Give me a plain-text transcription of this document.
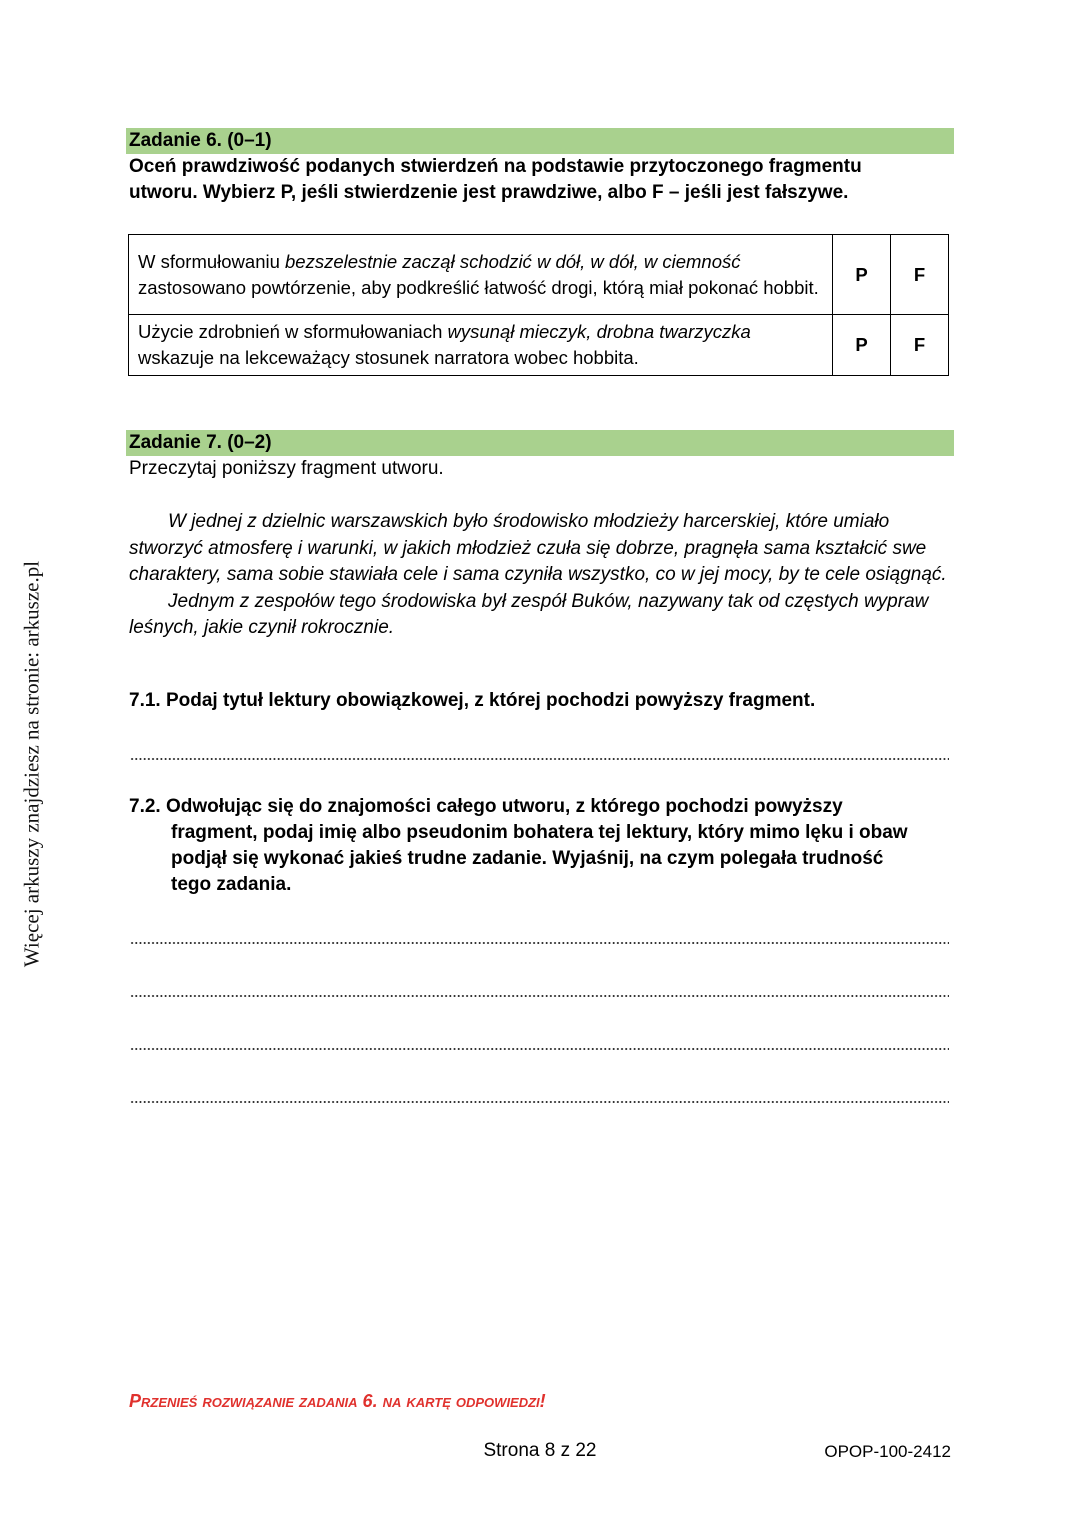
Więcej arkuszy znajdziesz na stronie: arkusze.pl
Zadanie 6. (0–1)
Oceń prawdziwość podanych stwierdzeń na podstawie przytoczonego fragmentu
utworu. Wybierz P, jeśli stwierdzenie jest prawdziwe, albo F – jeśli jest fałszywe.
W sformułowaniu bezszelestnie zaczął schodzić w dół, w dół, w ciemność zastosowano powtórzenie, aby podkreślić łatwość drogi, którą miał pokonać hobbit.	P	F
Użycie zdrobnień w sformułowaniach wysunął mieczyk, drobna twarzyczka wskazuje na lekceważący stosunek narratora wobec hobbita.	P	F
Zadanie 7. (0–2)
Przeczytaj poniższy fragment utworu.

W jednej z dzielnic warszawskich było środowisko młodzieży harcerskiej, które umiało stworzyć atmosferę i warunki, w jakich młodzież czuła się dobrze, pragnęła sama kształcić swe charaktery, sama sobie stawiała cele i sama czyniła wszystko, co w jej mocy, by te cele osiągnąć.

Jednym z zespołów tego środowiska był zespół Buków, nazywany tak od częstych wypraw leśnych, jakie czynił rokrocznie.

7.1. Podaj tytuł lektury obowiązkowej, z której pochodzi powyższy fragment.
7.2. Odwołując się do znajomości całego utworu, z którego pochodzi powyższy
fragment, podaj imię albo pseudonim bohatera tej lektury, który mimo lęku i obaw
podjął się wykonać jakieś trudne zadanie. Wyjaśnij, na czym polegała trudność
tego zadania.
Przenieś rozwiązanie zadania 6. na kartę odpowiedzi!
Strona 8 z 22	OPOP-100-2412
